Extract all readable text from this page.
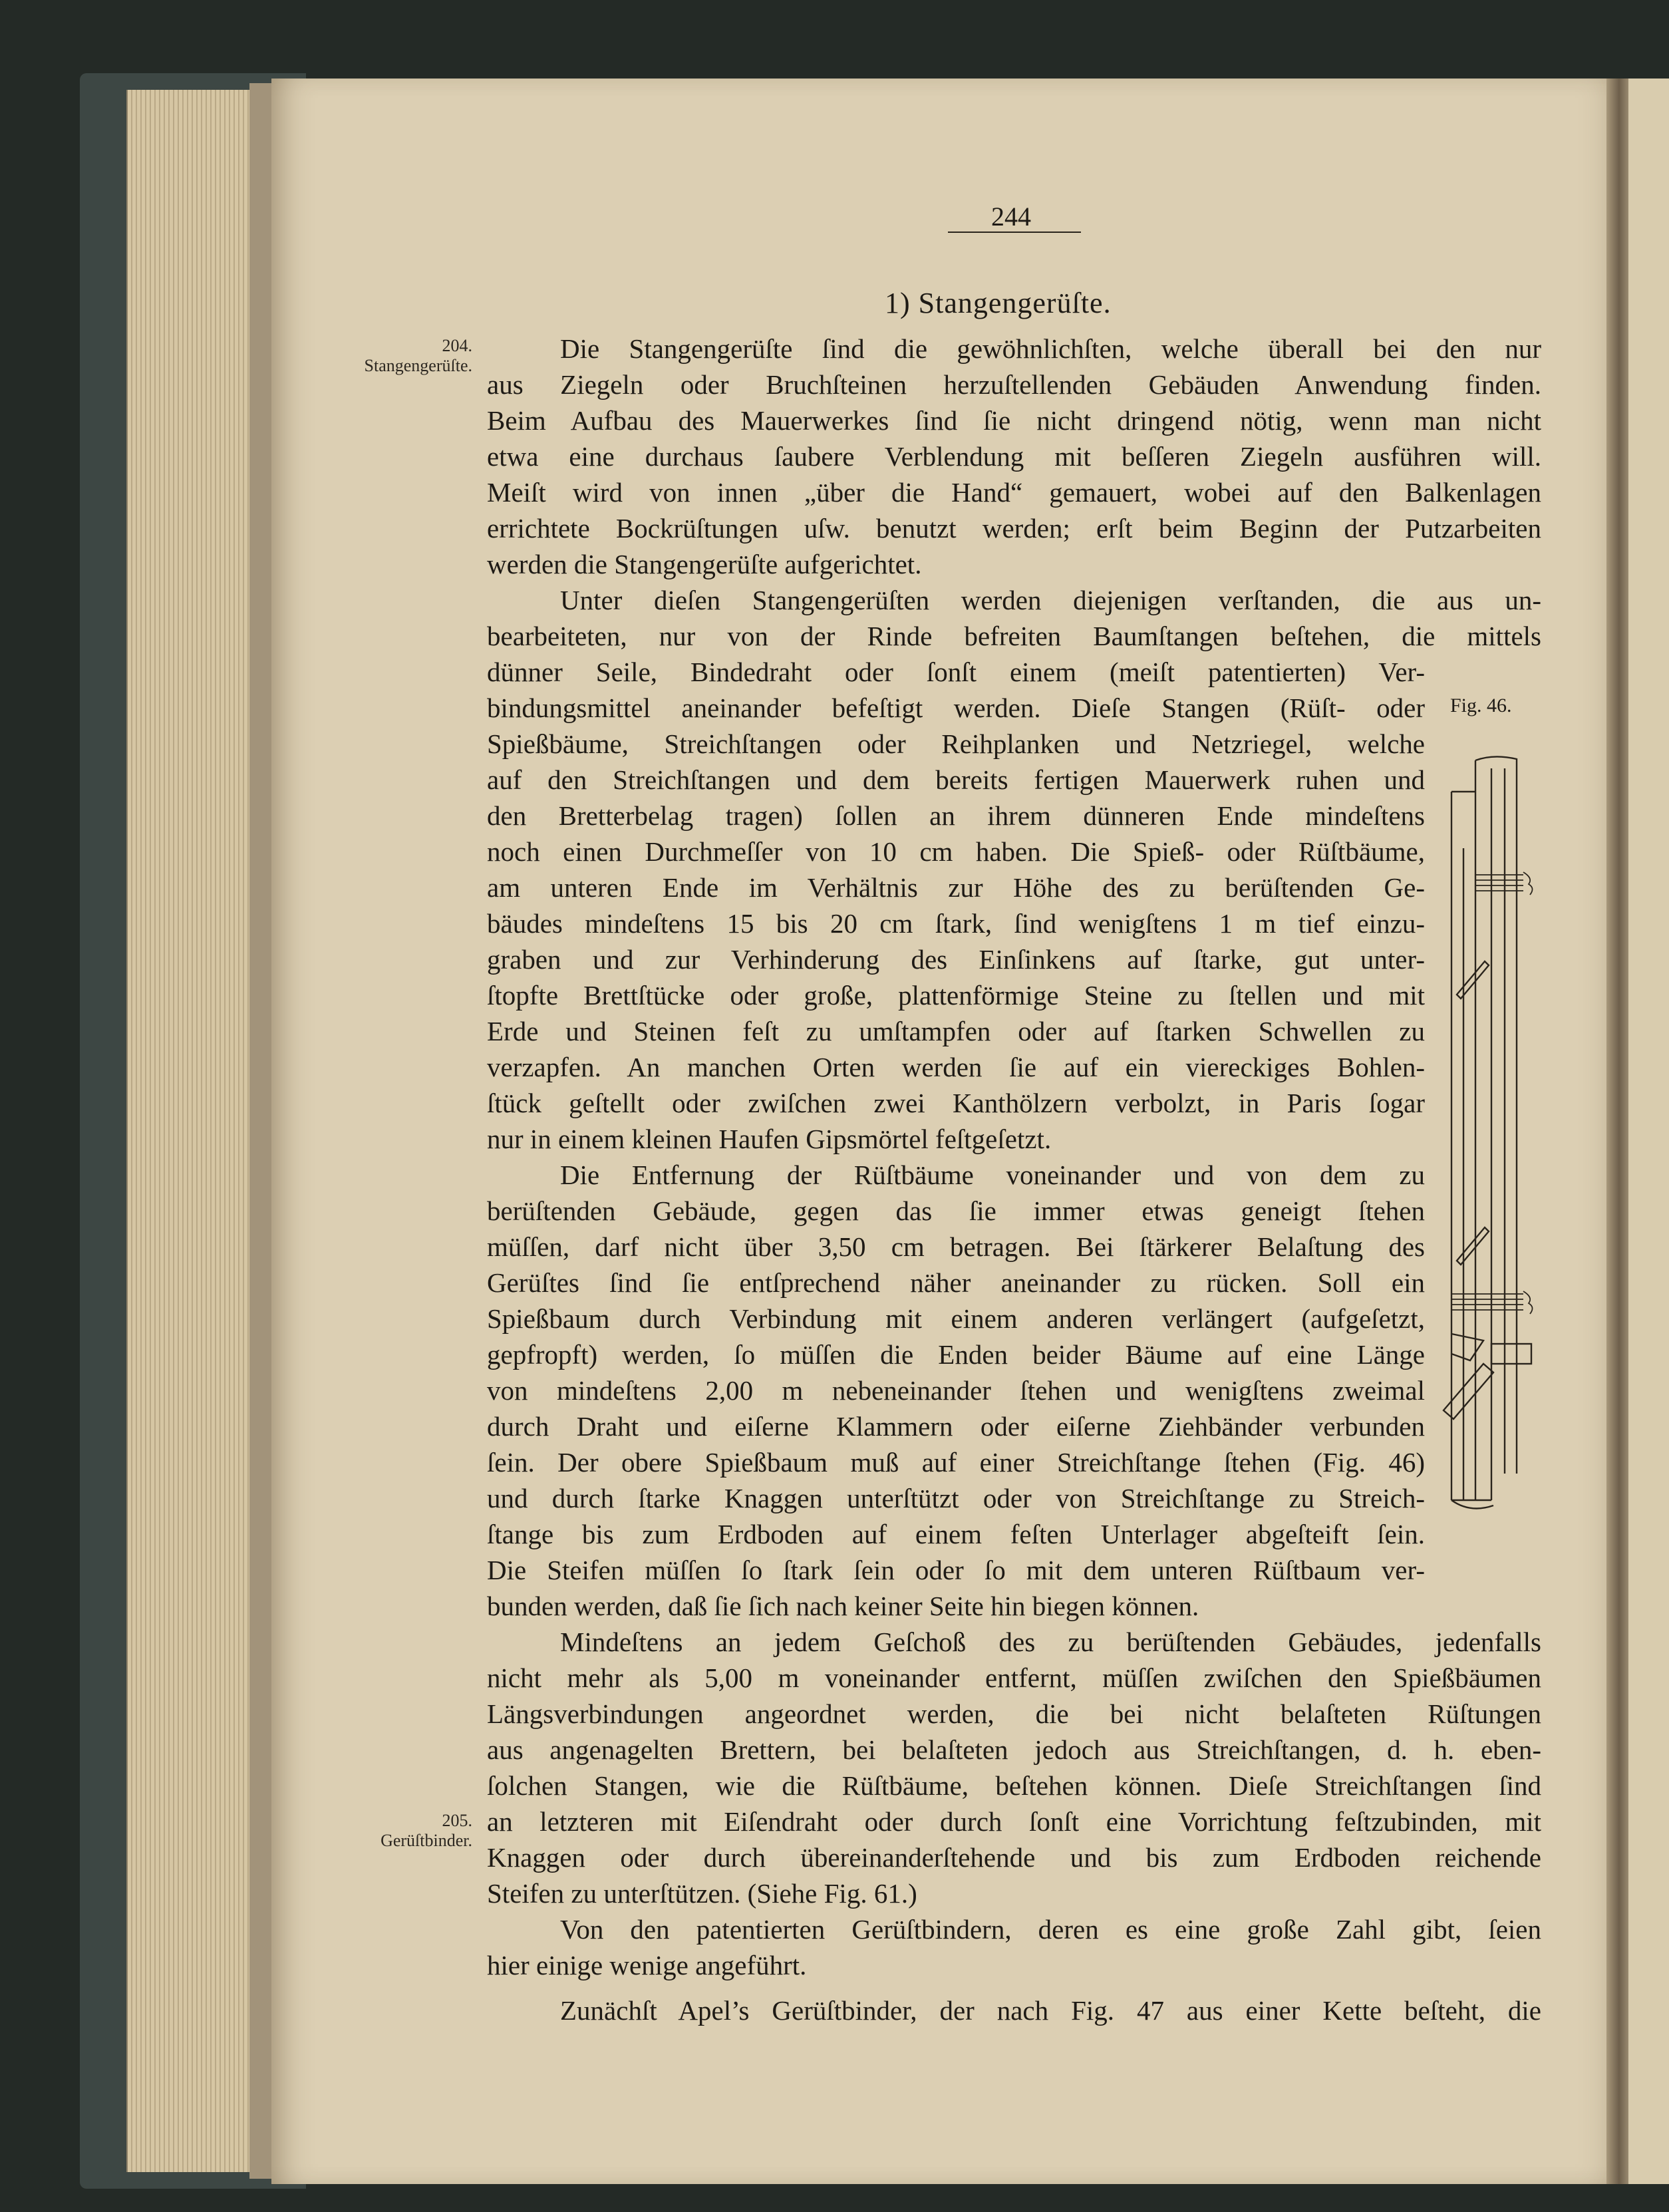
244
1) Stangengerüſte.
204.
Stangengerüſte.
205.
Gerüſtbinder.
Fig. 46.
Die Stangengerüſte ſind die gewöhnlichſten, welche überall bei den nur
aus Ziegeln oder Bruchſteinen herzuſtellenden Gebäuden Anwendung finden.
Beim Aufbau des Mauerwerkes ſind ſie nicht dringend nötig, wenn man nicht
etwa eine durchaus ſaubere Verblendung mit beſſeren Ziegeln ausführen will.
Meiſt wird von innen „über die Hand“ gemauert, wobei auf den Balkenlagen
errichtete Bockrüſtungen uſw. benutzt werden; erſt beim Beginn der Putzarbeiten
werden die Stangengerüſte aufgerichtet.
Unter dieſen Stangengerüſten werden diejenigen verſtanden, die aus un-
bearbeiteten, nur von der Rinde befreiten Baumſtangen beſtehen, die mittels
dünner Seile, Bindedraht oder ſonſt einem (meiſt patentierten) Ver-
bindungsmittel aneinander befeſtigt werden. Dieſe Stangen (Rüſt- oder
Spießbäume, Streichſtangen oder Reihplanken und Netzriegel, welche
auf den Streichſtangen und dem bereits fertigen Mauerwerk ruhen und
den Bretterbelag tragen) ſollen an ihrem dünneren Ende mindeſtens
noch einen Durchmeſſer von 10 cm haben. Die Spieß- oder Rüſtbäume,
am unteren Ende im Verhältnis zur Höhe des zu berüſtenden Ge-
bäudes mindeſtens 15 bis 20 cm ſtark, ſind wenigſtens 1 m tief einzu-
graben und zur Verhinderung des Einſinkens auf ſtarke, gut unter-
ſtopfte Brettſtücke oder große, plattenförmige Steine zu ſtellen und mit
Erde und Steinen feſt zu umſtampfen oder auf ſtarken Schwellen zu
verzapfen. An manchen Orten werden ſie auf ein viereckiges Bohlen-
ſtück geſtellt oder zwiſchen zwei Kanthölzern verbolzt, in Paris ſogar
nur in einem kleinen Haufen Gipsmörtel feſtgeſetzt.
Die Entfernung der Rüſtbäume voneinander und von dem zu
berüſtenden Gebäude, gegen das ſie immer etwas geneigt ſtehen
müſſen, darf nicht über 3,50 cm betragen. Bei ſtärkerer Belaſtung des
Gerüſtes ſind ſie entſprechend näher aneinander zu rücken. Soll ein
Spießbaum durch Verbindung mit einem anderen verlängert (aufgeſetzt,
gepfropft) werden, ſo müſſen die Enden beider Bäume auf eine Länge
von mindeſtens 2,00 m nebeneinander ſtehen und wenigſtens zweimal
durch Draht und eiſerne Klammern oder eiſerne Ziehbänder verbunden
ſein. Der obere Spießbaum muß auf einer Streichſtange ſtehen (Fig. 46)
und durch ſtarke Knaggen unterſtützt oder von Streichſtange zu Streich-
ſtange bis zum Erdboden auf einem feſten Unterlager abgeſteift ſein.
Die Steifen müſſen ſo ſtark ſein oder ſo mit dem unteren Rüſtbaum ver-
bunden werden, daß ſie ſich nach keiner Seite hin biegen können.
Mindeſtens an jedem Geſchoß des zu berüſtenden Gebäudes, jedenfalls
nicht mehr als 5,00 m voneinander entfernt, müſſen zwiſchen den Spießbäumen
Längsverbindungen angeordnet werden, die bei nicht belaſteten Rüſtungen
aus angenagelten Brettern, bei belaſteten jedoch aus Streichſtangen, d. h. eben-
ſolchen Stangen, wie die Rüſtbäume, beſtehen können. Dieſe Streichſtangen ſind
an letzteren mit Eiſendraht oder durch ſonſt eine Vorrichtung feſtzubinden, mit
Knaggen oder durch übereinanderſtehende und bis zum Erdboden reichende
Steifen zu unterſtützen. (Siehe Fig. 61.)
Von den patentierten Gerüſtbindern, deren es eine große Zahl gibt, ſeien
hier einige wenige angeführt.
Zunächſt Apel’s Gerüſtbinder, der nach Fig. 47 aus einer Kette beſteht, die
